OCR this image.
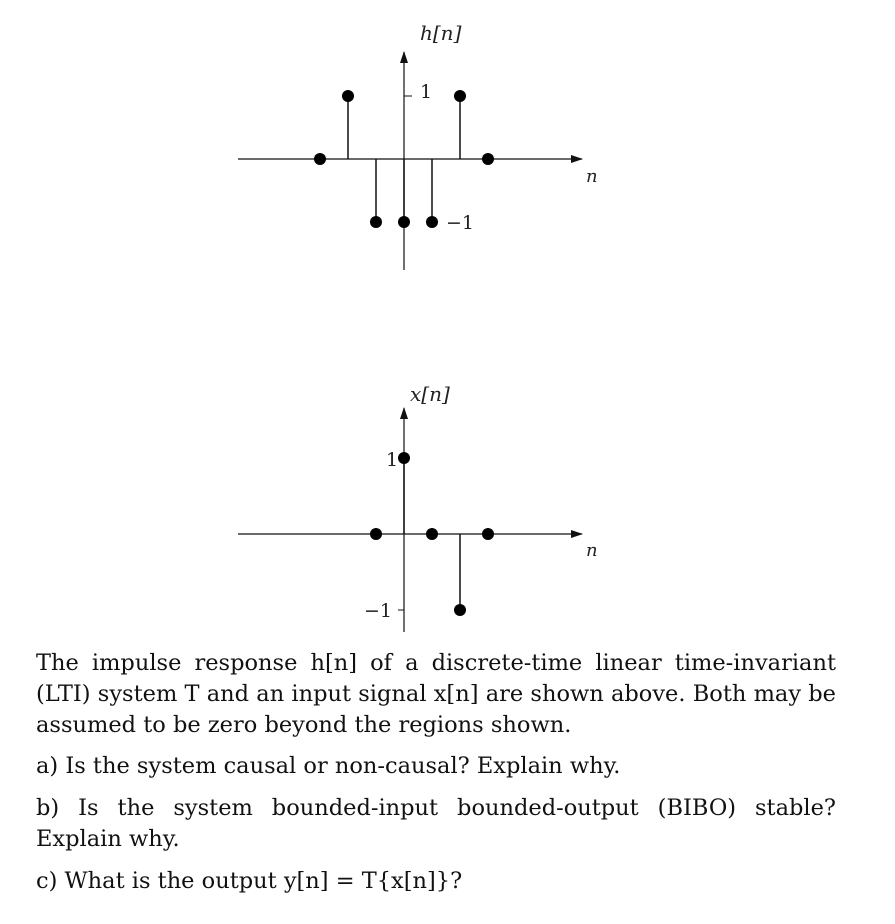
h[n]
n
1
−1
x[n]
n
1
−1

The impulse response h[n] of a discrete-time linear time-invariant (LTI) system T and an input signal x[n] are shown above. Both may be assumed to be zero beyond the regions shown.

a) Is the system causal or non-causal? Explain why.

b) Is the system bounded-input bounded-output (BIBO) stable? Explain why.

c) What is the output y[n] = T{x[n]}?
